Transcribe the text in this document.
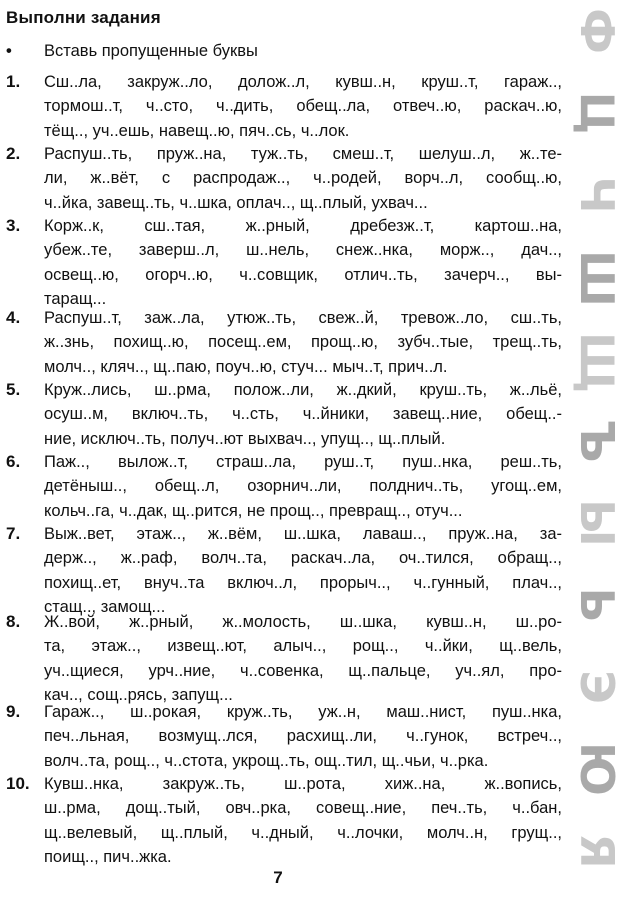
Выполни задания
• Вставь пропущенные буквы
1. Сш..ла, закруж..ло, долож..л, кувш..н, круш..т, гараж..,
тормош..т, ч..сто, ч..дить, обещ..ла, отвеч..ю, раскач..ю,
тёщ.., уч..ешь, навещ..ю, пяч..сь, ч..лок.
2. Распуш..ть, пруж..на, туж..ть, смеш..т, шелуш..л, ж..те-
ли, ж..вёт, с распродаж.., ч..родей, ворч..л, сообщ..ю,
ч..йка, завещ..ть, ч..шка, оплач.., щ..плый, ухвач...
3. Корж..к, сш..тая, ж..рный, дребезж..т, картош..на,
убеж..те, заверш..л, ш..нель, снеж..нка, морж.., дач..,
освещ..ю, огорч..ю, ч..совщик, отлич..ть, зачерч.., вы-
таращ...
4. Распуш..т, заж..ла, утюж..ть, свеж..й, тревож..ло, сш..ть,
ж..знь, похищ..ю, посещ..ем, прощ..ю, зубч..тые, трещ..ть,
молч.., кляч.., щ..паю, поуч..ю, стуч... мыч..т, прич..л.
5. Круж..лись, ш..рма, полож..ли, ж..дкий, круш..ть, ж..льё,
осуш..м, включ..ть, ч..сть, ч..йники, завещ..ние, обещ..-
ние, исключ..ть, получ..ют выхвач.., упущ.., щ..плый.
6. Паж.., вылож..т, страш..ла, руш..т, пуш..нка, реш..ть,
детёныш.., обещ..л, озорнич..ли, полднич..ть, угощ..ем,
кольч..га, ч..дак, щ..рится, не прощ.., превращ.., отуч...
7. Выж..вет, этаж.., ж..вём, ш..шка, лаваш.., пруж..на, за-
держ.., ж..раф, волч..та, раскач..ла, оч..тился, обращ..,
похищ..ет, внуч..та включ..л, прорыч.., ч..гунный, плач..,
стащ.., замощ...
8. Ж..вой, ж..рный, ж..молость, ш..шка, кувш..н, ш..ро-
та, этаж.., извещ..ют, алыч.., рощ.., ч..йки, щ..вель,
уч..щиеся, урч..ние, ч..совенка, щ..пальце, уч..ял, про-
кач.., сощ..рясь, запущ...
9. Гараж.., ш..рокая, круж..ть, уж..н, маш..нист, пуш..нка,
печ..льная, возмущ..лся, расхищ..ли, ч..гунок, встреч..,
волч..та, рощ.., ч..стота, укрощ..ть, ощ..тил, щ..чьи, ч..рка.
10. Кувш..нка, закруж..ть, ш..рота, хиж..на, ж..вопись,
ш..рма, дощ..тый, овч..рка, совещ..ние, печ..ть, ч..бан,
щ..велевый, щ..плый, ч..дный, ч..лочки, молч..н, грущ..,
поищ.., пич..жка.
7
Ф
Ц
Ч
Ш
Щ
Ъ
Ы
Ь
Э
Ю
Я
